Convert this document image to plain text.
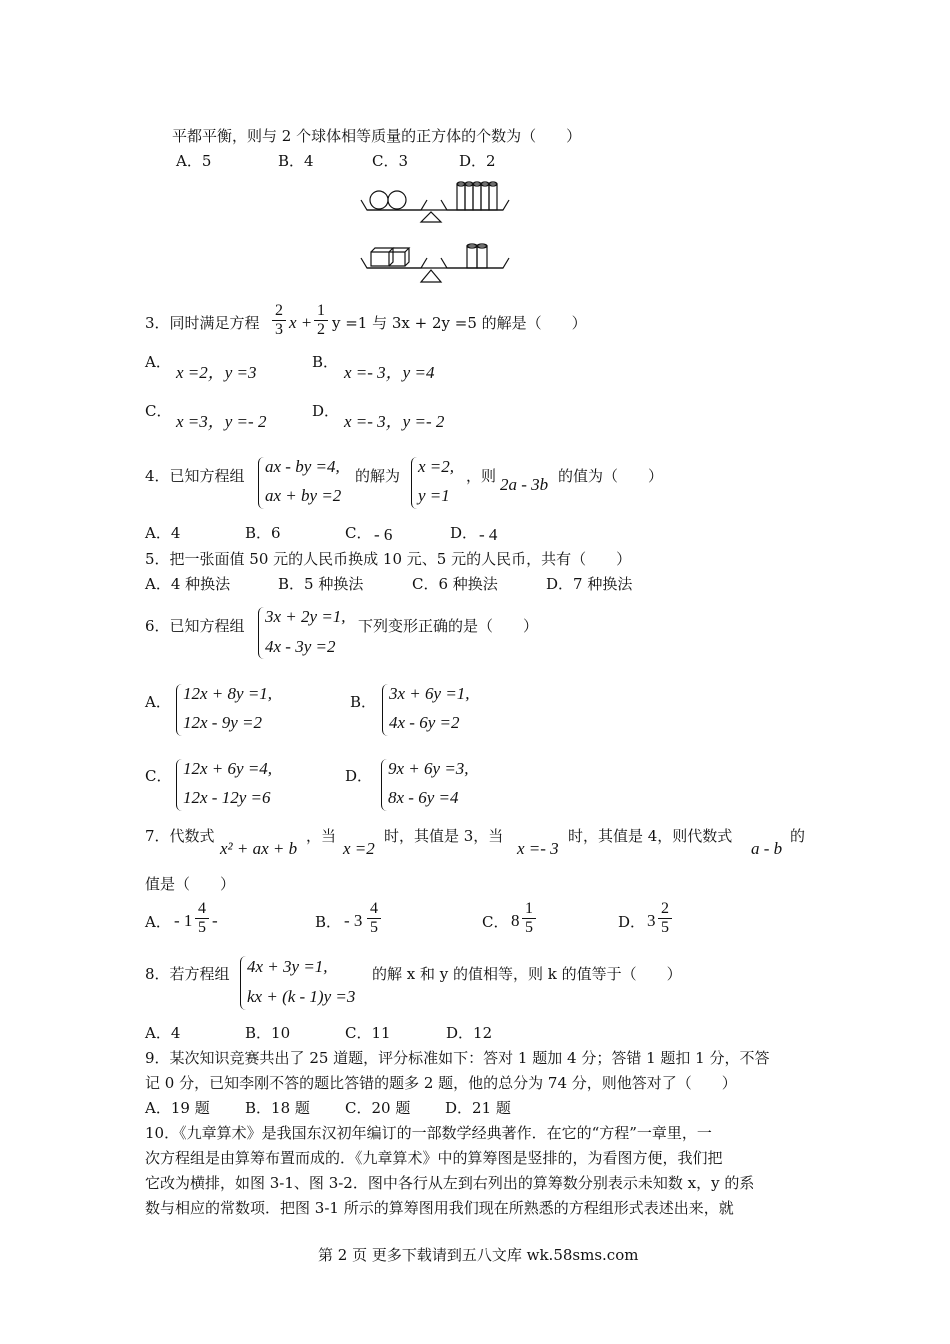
平都平衡，则与 2 个球体相等质量的正方体的个数为（　　）
A．5	B．4	C．3	D．2
3．同时满足方程 $\frac{2}{3}$ $x + \frac{1}{2}$ y =1 与 3x + 2y =5 的解是（　　）
A．
x =2，y =3
B．
x =- 3，y =4
C．
x =3，y =- 2
D．
x =- 3，y =- 2
4．已知方程组 ax - by =4,
ax + by =2
的解为 x =2,
y =1
，则 2a - 3b 的值为（　　）
A．4	B．6	C． - 6	D． - 4
5．把一张面值 50 元的人民币换成 10 元、5 元的人民币，共有（　　）
A．4 种换法	B．5 种换法	C．6 种换法	D．7 种换法
6．已知方程组 3x + 2y =1,
4x - 3y =2
下列变形正确的是（　　）
A． 12x + 8y =1,
12x - 9y =2
B． 3x + 6y =1,
4x - 6y =2
C． 12x + 6y =4,
12x - 12y =6
D． 9x + 6y =3,
8x - 6y =4
7．代数式
x² + ax + b
，当
x =2
时，其值是 3，当
x =- 3
时，其值是 4，则代数式
a - b
的
值是（　　）
A． - $1 \frac{4}{5}$ -	B． - $3 \frac{4}{5}$	C． $8 \frac{1}{5}$	D． $3 \frac{2}{5}$
8．若方程组 4x + 3y =1,
kx + (k - 1)y =3
的解 x 和 y 的值相等，则 k 的值等于（　　）
A．4	B．10	C．11	D．12
9．某次知识竞赛共出了 25 道题，评分标准如下：答对 1 题加 4 分；答错 1 题扣 1 分，不答
记 0 分，已知李刚不答的题比答错的题多 2 题，他的总分为 74 分，则他答对了（　　）
A．19 题 B．18 题 C．20 题 D．21 题
10．《九章算术》是我国东汉初年编订的一部数学经典著作．在它的“方程”一章里，一
次方程组是由算筹布置而成的．《九章算术》中的算筹图是竖排的，为看图方便，我们把
它改为横排，如图 3-1、图 3-2．图中各行从左到右列出的算筹数分别表示未知数 x，y 的系
数与相应的常数项．把图 3-1 所示的算筹图用我们现在所熟悉的方程组形式表述出来，就
第 2 页 更多下载请到五八文库 wk.58sms.com
